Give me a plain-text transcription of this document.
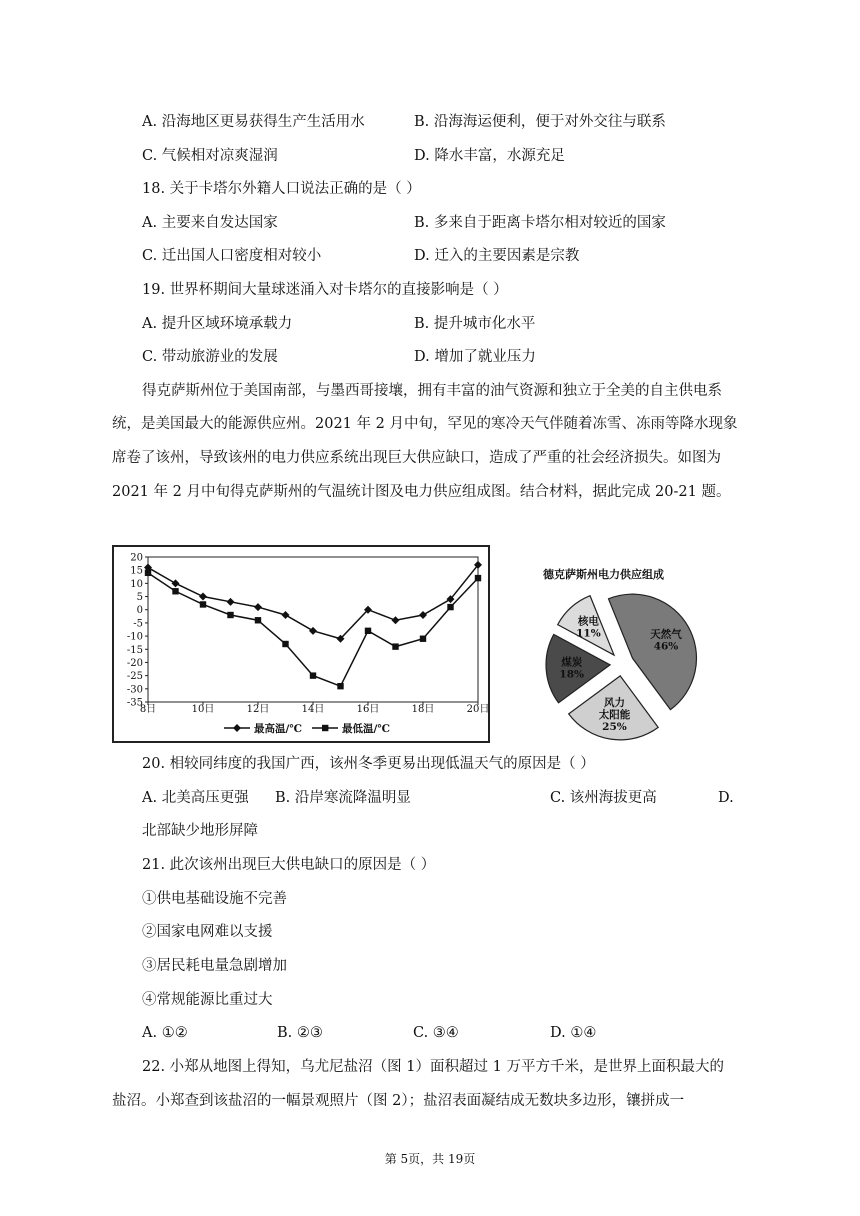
A. 沿海地区更易获得生产生活用水	B. 沿海海运便利，便于对外交往与联系
C. 气候相对凉爽湿润	D. 降水丰富，水源充足
18. 关于卡塔尔外籍人口说法正确的是（ ）
A. 主要来自发达国家	B. 多来自于距离卡塔尔相对较近的国家
C. 迁出国人口密度相对较小	D. 迁入的主要因素是宗教
19. 世界杯期间大量球迷涌入对卡塔尔的直接影响是（ ）
A. 提升区域环境承载力	B. 提升城市化水平
C. 带动旅游业的发展	D. 增加了就业压力
得克萨斯州位于美国南部，与墨西哥接壤，拥有丰富的油气资源和独立于全美的自主供电系
统，是美国最大的能源供应州。2021 年 2 月中旬，罕见的寒冷天气伴随着冻雪、冻雨等降水现象
席卷了该州，导致该州的电力供应系统出现巨大供应缺口，造成了严重的社会经济损失。如图为
2021 年 2 月中旬得克萨斯州的气温统计图及电力供应组成图。结合材料，据此完成 20-21 题。
20
15
10
5
0
-5
-10
-15
-20
-25
-30
-35
8日	10日	12日	14日	16日	18日	20日
最高温/℃	最低温/℃
德克萨斯州电力供应组成
天然气
46%
风力
太阳能
25%
煤炭
18%
核电
11%
20. 相较同纬度的我国广西，该州冬季更易出现低温天气的原因是（ ）
A. 北美高压更强 B. 沿岸寒流降温明显	C. 该州海拔更高	D.
北部缺少地形屏障
21. 此次该州出现巨大供电缺口的原因是（ ）
①供电基础设施不完善
②国家电网难以支援
③居民耗电量急剧增加
④常规能源比重过大
A. ①②	B. ②③	C. ③④	D. ①④
22. 小郑从地图上得知，乌尤尼盐沼（图 1）面积超过 1 万平方千米，是世界上面积最大的
盐沼。小郑查到该盐沼的一幅景观照片（图 2）；盐沼表面凝结成无数块多边形，镶拼成一
第 5页，共 19页
